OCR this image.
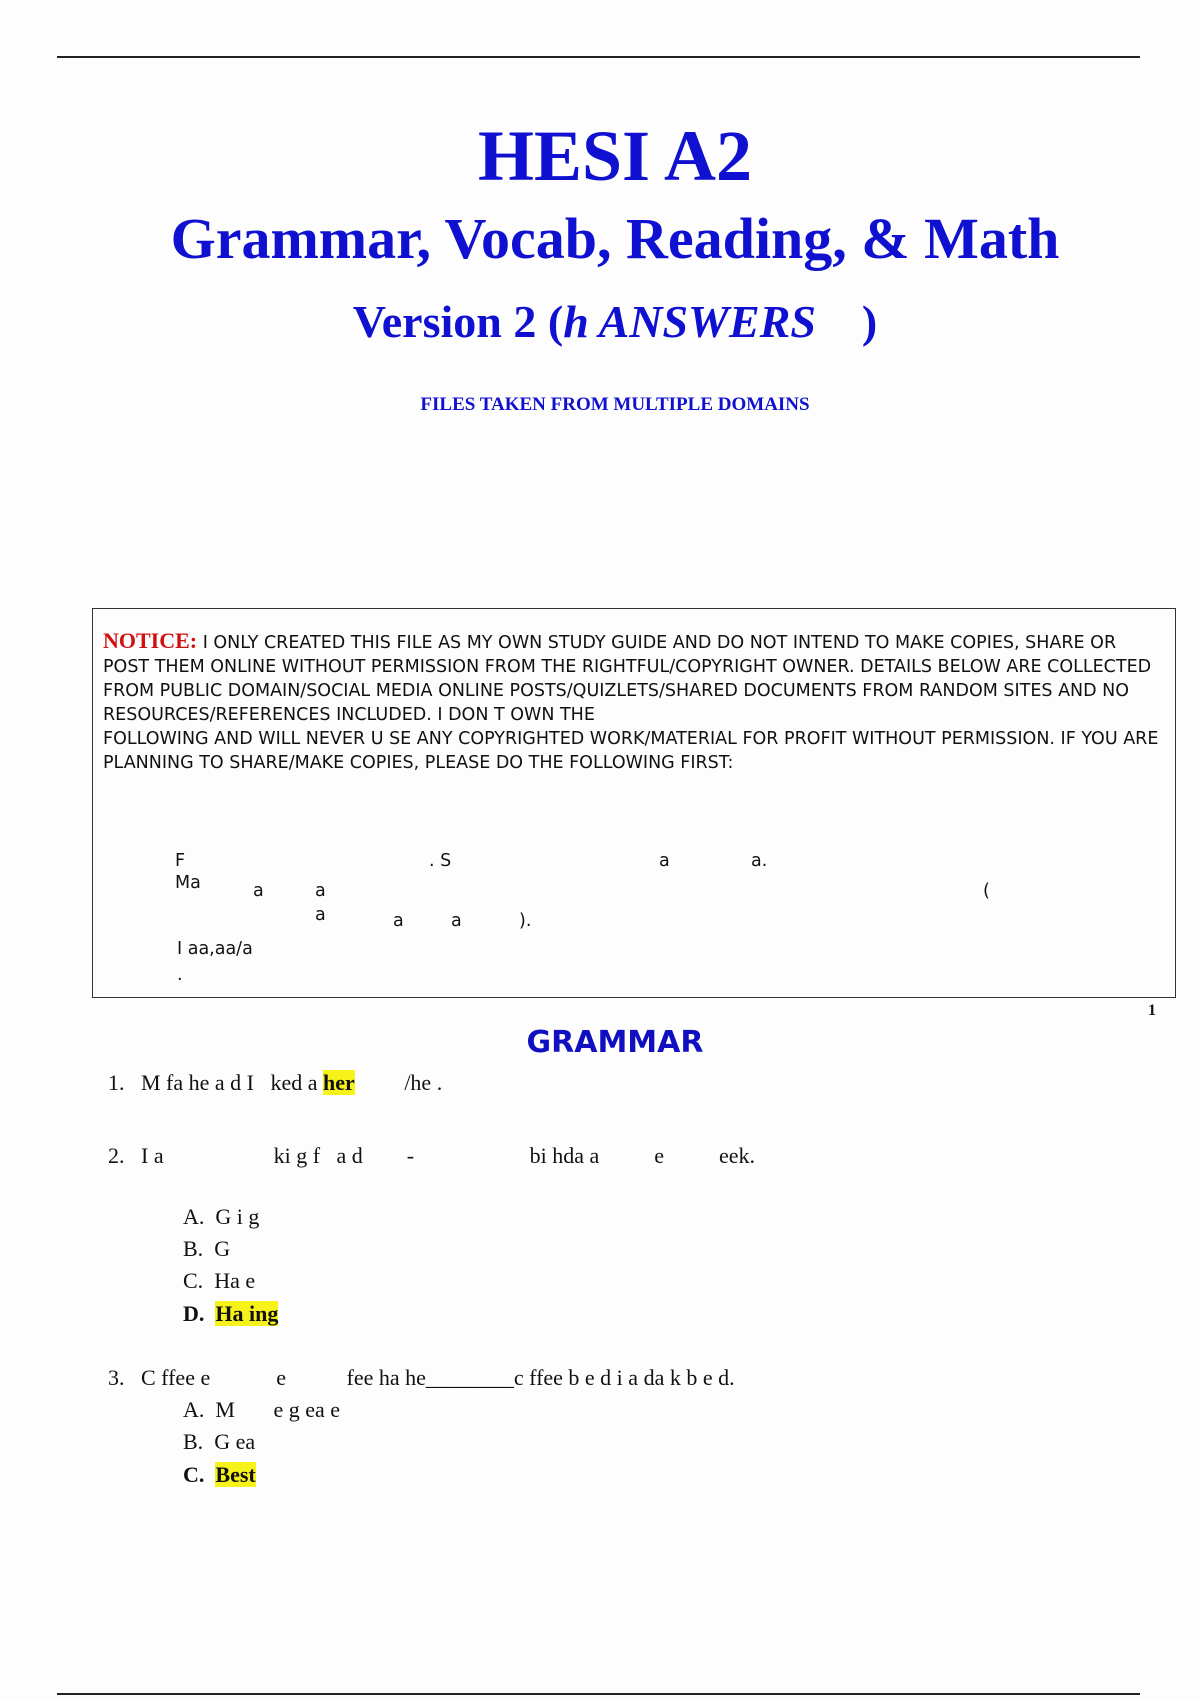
HESI A2
Grammar, Vocab, Reading, & Math
Version 2 (h ANSWERS    )
FILES TAKEN FROM MULTIPLE DOMAINS
NOTICE: I ONLY CREATED THIS FILE AS MY OWN STUDY GUIDE AND DO NOT INTEND TO MAKE COPIES, SHARE OR POST THEM ONLINE WITHOUT PERMISSION FROM THE RIGHTFUL/COPYRIGHT OWNER. DETAILS BELOW ARE COLLECTED FROM PUBLIC DOMAIN/SOCIAL MEDIA ONLINE POSTS/QUIZLETS/SHARED DOCUMENTS FROM RANDOM SITES AND NO RESOURCES/REFERENCES INCLUDED. I DON T OWN THE
FOLLOWING AND WILL NEVER U SE ANY COPYRIGHTED WORK/MATERIAL FOR PROFIT WITHOUT PERMISSION. IF YOU ARE PLANNING TO SHARE/MAKE COPIES, PLEASE DO THE FOLLOWING FIRST:
F	. S	a	a.
Ma	a	a	(
a	a	a	).
I aa,aa/a
.
1
GRAMMAR
1. M fa he a d I   ked a her         /he .
2. I a                    ki g f   a d        -                     bi hda a          e          eek.
A. G i g
B. G
C. Ha e
D. Ha ing
3. C ffee e            e           fee ha he________c ffee b e d i a da k b e d.
A. M       e g ea e
B. G ea
C. Best
